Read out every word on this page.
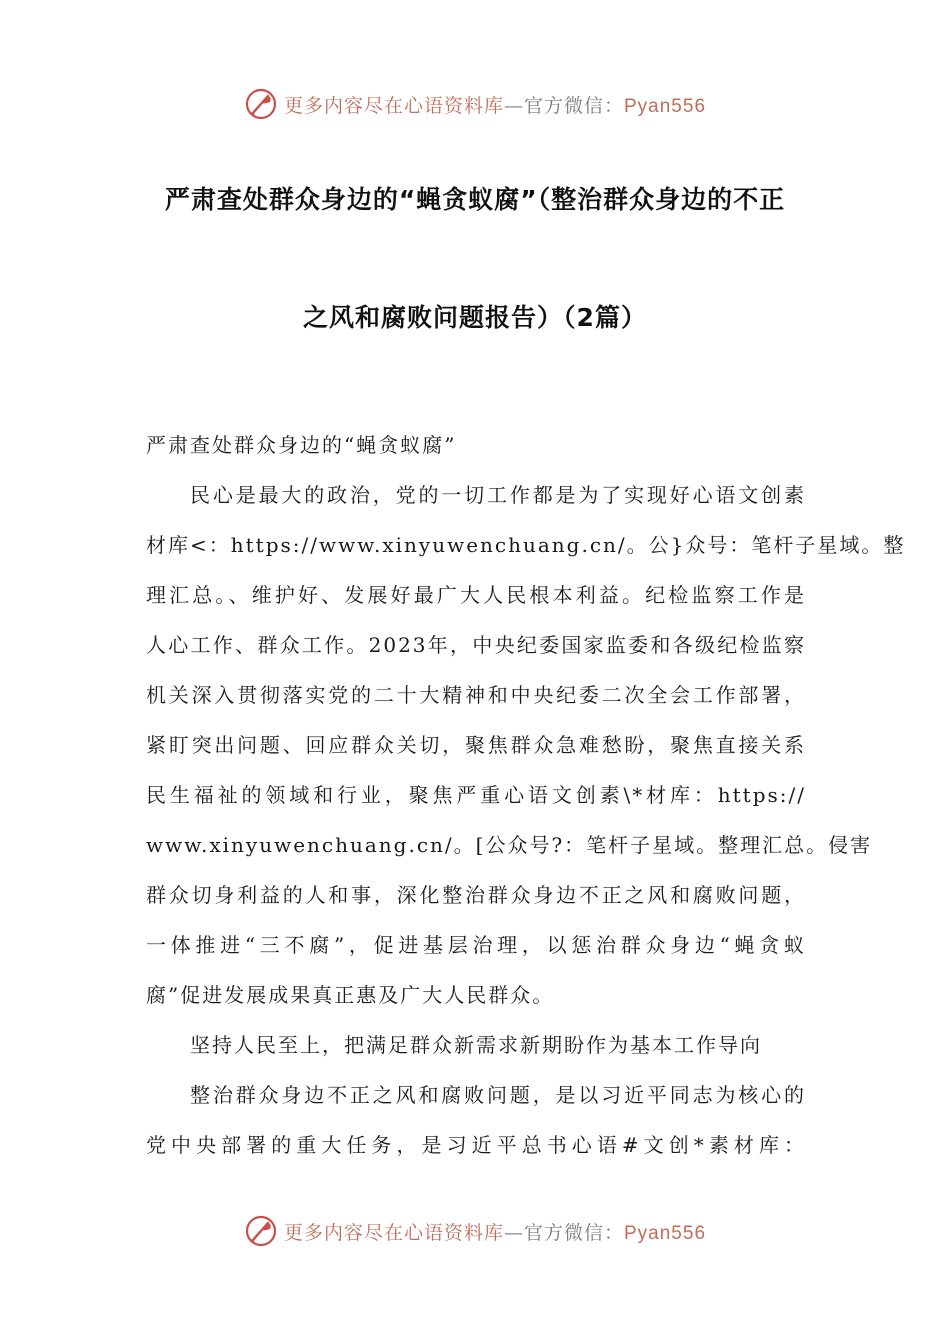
更多内容尽在心语资料库—官方微信：Pyan556
严肃查处群众身边的“蝇贪蚁腐”（整治群众身边的不正
之风和腐败问题报告）（2篇）
严肃查处群众身边的“蝇贪蚁腐”
民心是最大的政治，党的一切工作都是为了实现好心语文创素
材库<：https://www.xinyuwenchuang.cn/。公}众号：笔杆子星域。整
理汇总。、维护好、发展好最广大人民根本利益。纪检监察工作是
人心工作、群众工作。2023年，中央纪委国家监委和各级纪检监察
机关深入贯彻落实党的二十大精神和中央纪委二次全会工作部署，
紧盯突出问题、回应群众关切，聚焦群众急难愁盼，聚焦直接关系
民生福祉的领域和行业，聚焦严重心语文创素\*材库：https://
www.xinyuwenchuang.cn/。[公众号?：笔杆子星域。整理汇总。侵害
群众切身利益的人和事，深化整治群众身边不正之风和腐败问题，
一体推进“三不腐”，促进基层治理，以惩治群众身边“蝇贪蚁
腐”促进发展成果真正惠及广大人民群众。
坚持人民至上，把满足群众新需求新期盼作为基本工作导向
整治群众身边不正之风和腐败问题，是以习近平同志为核心的
党中央部署的重大任务，是习近平总书心语#文创*素材库：
更多内容尽在心语资料库—官方微信：Pyan556
